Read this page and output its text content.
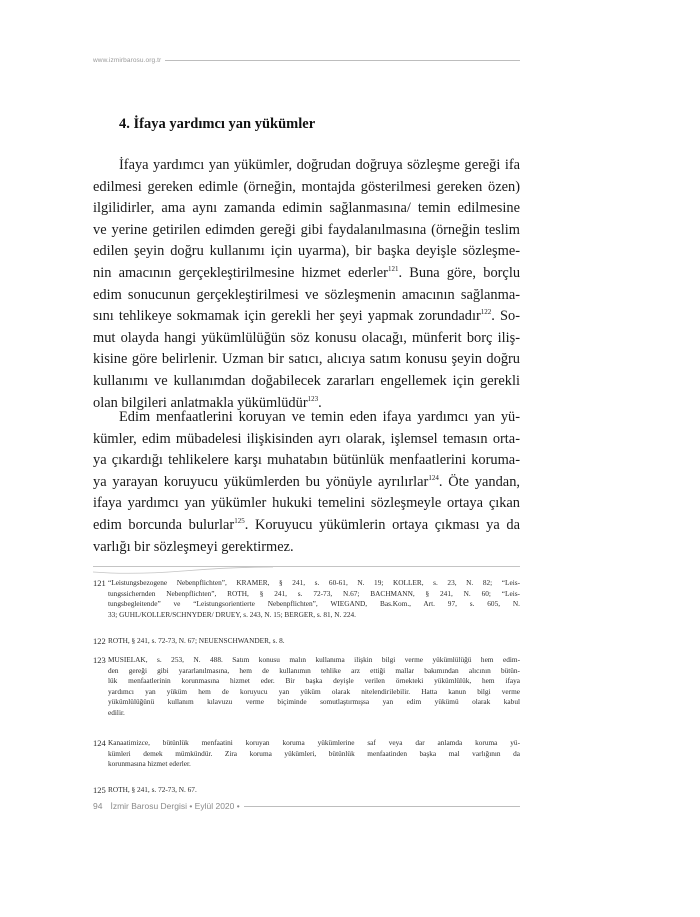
www.izmirbarosu.org.tr
4. İfaya yardımcı yan yükümler
İfaya yardımcı yan yükümler, doğrudan doğruya sözleşme gereği ifa
edilmesi gereken edimle (örneğin, montajda gösterilmesi gereken özen)
ilgilidirler, ama aynı zamanda edimin sağlanmasına/ temin edilmesine
ve yerine getirilen edimden gereği gibi faydalanılmasına (örneğin teslim
edilen şeyin doğru kullanımı için uyarma), bir başka deyişle sözleşme-
nin amacının gerçekleştirilmesine hizmet ederler$^{121}$. Buna göre, borçlu
edim sonucunun gerçekleştirilmesi ve sözleşmenin amacının sağlanma-
sını tehlikeye sokmamak için gerekli her şeyi yapmak zorundadır$^{122}$. So-
mut olayda hangi yükümlülüğün söz konusu olacağı, münferit borç iliş-
kisine göre belirlenir. Uzman bir satıcı, alıcıya satım konusu şeyin doğru
kullanımı ve kullanımdan doğabilecek zararları engellemek için gerekli
olan bilgileri anlatmakla yükümlüdür$^{123}$.
Edim menfaatlerini koruyan ve temin eden ifaya yardımcı yan yü-
kümler, edim mübadelesi ilişkisinden ayrı olarak, işlemsel temasın orta-
ya çıkardığı tehlikelere karşı muhatabın bütünlük menfaatlerini koruma-
ya yarayan koruyucu yükümlerden bu yönüyle ayrılırlar$^{124}$. Öte yandan,
ifaya yardımcı yan yükümler hukuki temelini sözleşmeyle ortaya çıkan
edim borcunda bulurlar$^{125}$. Koruyucu yükümlerin ortaya çıkması ya da
varlığı bir sözleşmeyi gerektirmez.
121 “Leistungsbezogene Nebenpflichten”, KRAMER, § 241, s. 60-61, N. 19; KOLLER, s. 23, N. 82; “Leis-
tungssichernden Nebenpflichten”, ROTH, § 241, s. 72-73, N.67; BACHMANN, § 241, N. 60; “Leis-
tungsbegleitende” ve “Leistungsorientierte Nebenpflichten”, WIEGAND, Bas.Kom., Art. 97, s. 605, N.
33; GUHL/KOLLER/SCHNYDER/ DRUEY, s. 243, N. 15; BERGER, s. 81, N. 224.
122 ROTH, § 241, s. 72-73, N. 67; NEUENSCHWANDER, s. 8.
123 MUSIELAK, s. 253, N. 488. Satım konusu malın kullanıma ilişkin bilgi verme yükümlülüğü hem edim-
den gereği gibi yararlanılmasına, hem de kullanımın tehlike arz ettiği mallar bakımından alıcının bütün-
lük menfaatlerinin korunmasına hizmet eder. Bir başka deyişle verilen örnekteki yükümlülük, hem ifaya
yardımcı yan yüküm hem de koruyucu yan yüküm olarak nitelendirilebilir. Hatta kanun bilgi verme
yükümlülüğünü kullanım kılavuzu verme biçiminde somutlaştırmışsa yan edim yükümü olarak kabul
edilir.
124 Kanaatimizce, bütünlük menfaatini koruyan koruma yükümlerine saf veya dar anlamda koruma yü-
kümleri demek mümkündür. Zira koruma yükümleri, bütünlük menfaatinden başka mal varlığının da
korunmasına hizmet ederler.
125 ROTH, § 241, s. 72-73, N. 67.
94 İzmir Barosu Dergisi • Eylül 2020 •
